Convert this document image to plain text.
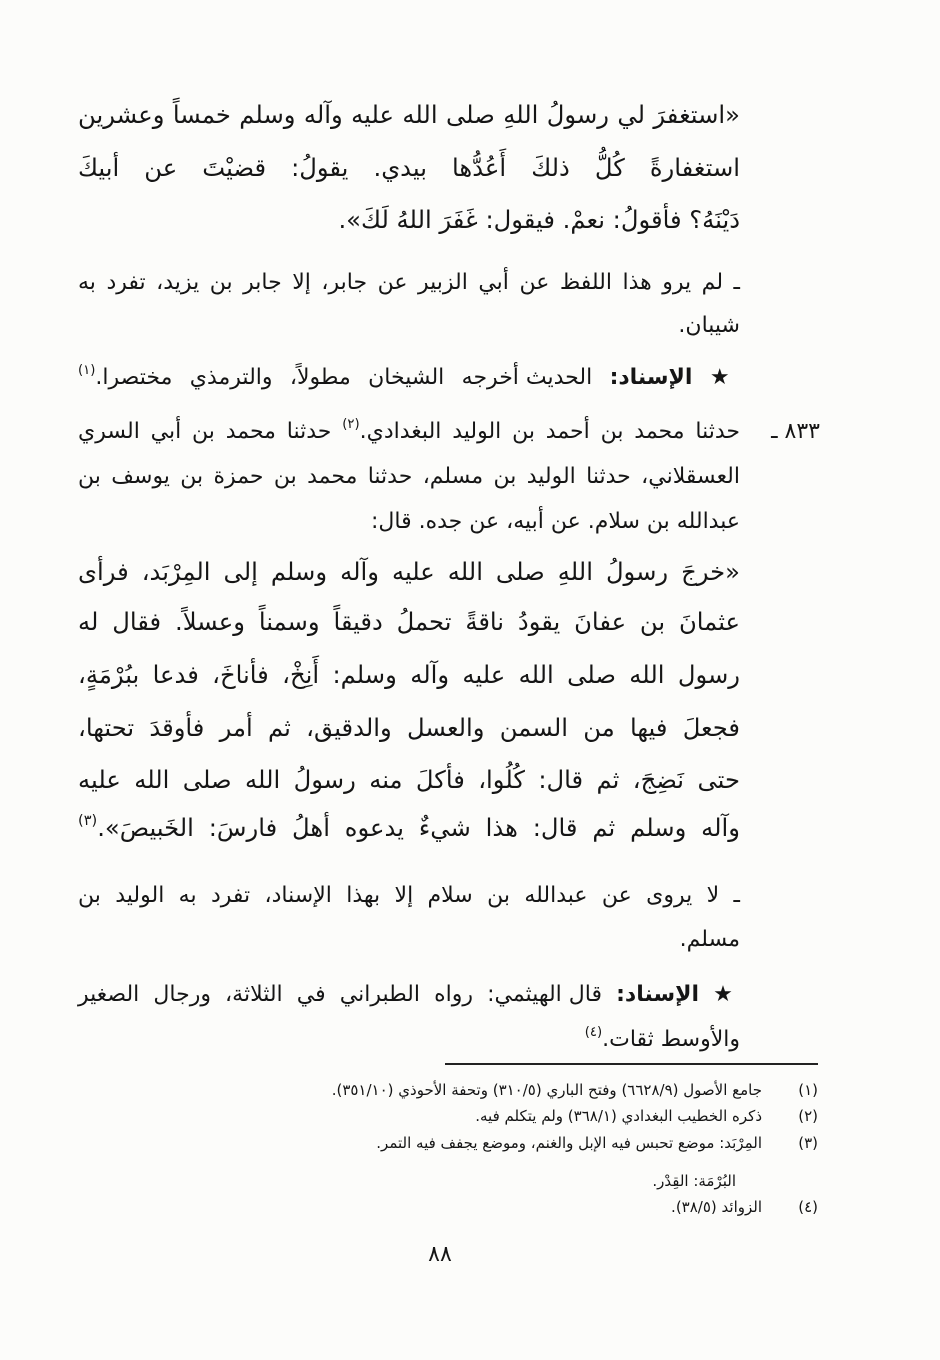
«استغفرَ لي رسولُ اللهِ صلى الله عليه وآله وسلم خمساً وعشرين
استغفارةً كُلُّ ذلكَ أَعُدُّها بيدي. يقولُ: قضيْتَ عن أبيكَ
دَيْنَهُ؟ فأقولُ: نعمْ. فيقول: غَفَرَ اللهُ لَكَ».
ـ لم يرو هذا اللفظ عن أبي الزبير عن جابر، إلا جابر بن يزيد، تفرد به
شيبان.
★ الإسناد: الحديث أخرجه الشيخان مطولاً، والترمذي مختصرا.$^{(١)}$
٨٣٣ ـ
حدثنا محمد بن أحمد بن الوليد البغدادي.$^{(٢)}$ حدثنا محمد بن أبي السري
العسقلاني، حدثنا الوليد بن مسلم، حدثنا محمد بن حمزة بن يوسف بن
عبدالله بن سلام. عن أبيه، عن جده. قال:
«خرجَ رسولُ اللهِ صلى الله عليه وآله وسلم إلى المِرْبَد، فرأى
عثمانَ بن عفانَ يقودُ ناقةً تحملُ دقيقاً وسمناً وعسلاً. فقال له
رسول الله صلى الله عليه وآله وسلم: أَنِخْ، فأناخَ، فدعا ببُرْمَةٍ،
فجعلَ فيها من السمن والعسل والدقيق، ثم أمر فأوقدَ تحتها،
حتى نَضِجَ، ثم قال: كُلُوا، فأكلَ منه رسولُ الله صلى الله عليه
وآله وسلم ثم قال: هذا شيءٌ يدعوه أهلُ فارسَ: الخَبيصَ».$^{(٣)}$
ـ لا يروى عن عبدالله بن سلام إلا بهذا الإسناد، تفرد به الوليد بن
مسلم.
★ الإسناد: قال الهيثمي: رواه الطبراني في الثلاثة، ورجال الصغير
والأوسط ثقات.$^{(٤)}$
(١)
جامع الأصول (٦٦٢٨/٩) وفتح الباري (٣١٠/٥) وتحفة الأحوذي (٣٥١/١٠).
(٢)
ذكره الخطيب البغدادي (٣٦٨/١) ولم يتكلم فيه.
(٣)
المِرْبَد: موضع تحبس فيه الإبل والغنم، وموضع يجفف فيه التمر.
البُرْمَة: القِدْر.
(٤)
الزوائد (٣٨/٥).
٨٨
